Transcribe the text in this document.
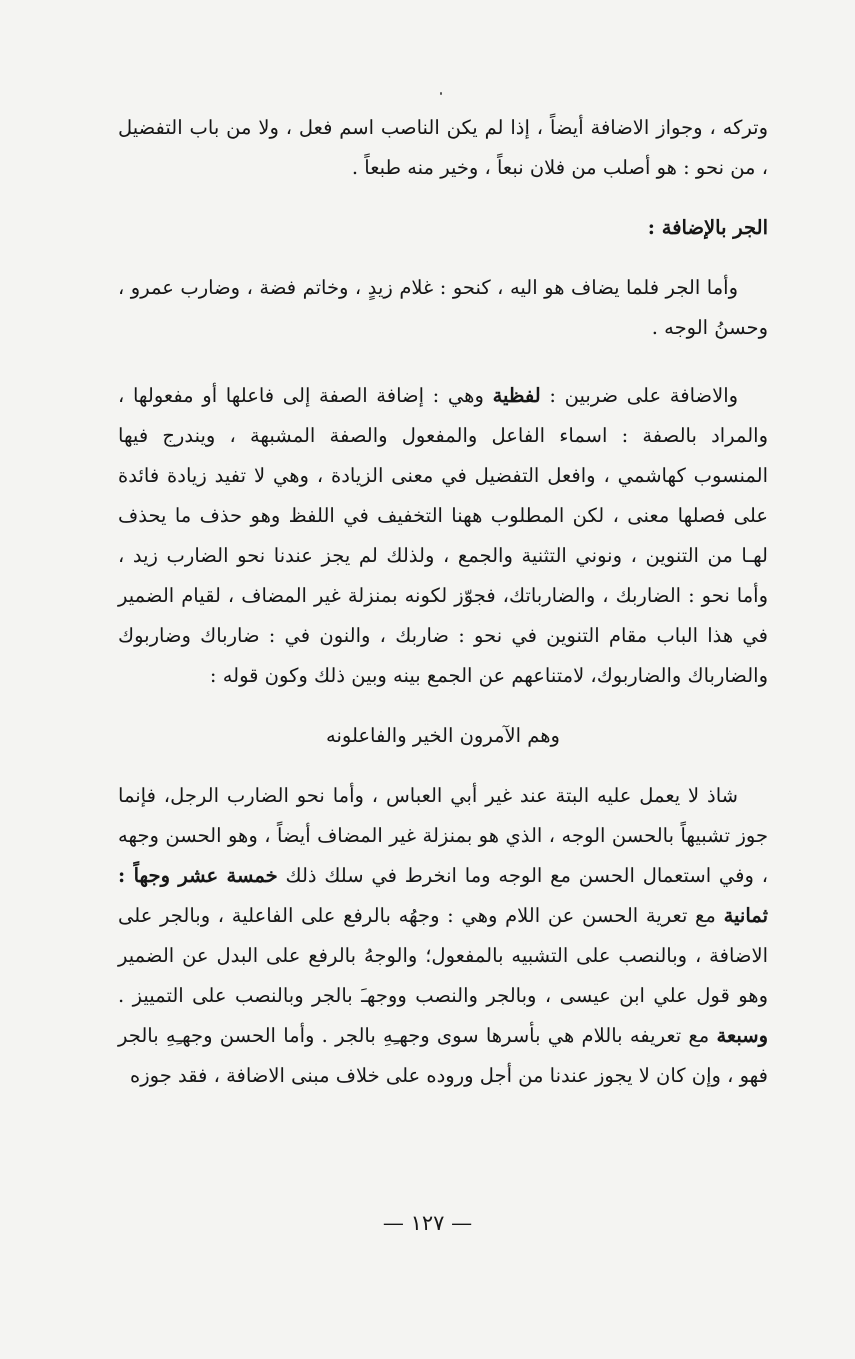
وتركه ، وجواز الاضافة أيضاً ، إذا لم يكن الناصب اسم فعل ، ولا من باب التفضيل ، من نحو : هو أصلب من فلان نبعاً ، وخير منه طبعاً .

الجر بالإضافة :

وأما الجر فلما يضاف هو اليه ، كنحو : غلام زيدٍ ، وخاتم فضة ، وضارب عمرو ، وحسنُ الوجه .

والاضافة على ضربين : لفظية وهي : إضافة الصفة إلى فاعلها أو مفعولها ، والمراد بالصفة : اسماء الفاعل والمفعول والصفة المشبهة ، ويندرج فيها المنسوب كهاشمي ، وافعل التفضيل في معنى الزيادة ، وهي لا تفيد زيادة فائدة على فصلها معنى ، لكن المطلوب ههنا التخفيف في اللفظ وهو حذف ما يحذف لهـا من التنوين ، ونوني التثنية والجمع ، ولذلك لم يجز عندنا نحو الضارب زيد ، وأما نحو : الضاربك ، والضارباتك، فجوّز لكونه بمنزلة غير المضاف ، لقيام الضمير في هذا الباب مقام التنوين في نحو : ضاربك ، والنون في : ضارباك وضاربوك والضارباك والضاربوك، لامتناعهم عن الجمع بينه وبين ذلك وكون قوله :

وهم الآمرون الخير والفاعلونه

شاذ لا يعمل عليه البتة عند غير أبي العباس ، وأما نحو الضارب الرجل، فإنما جوز تشبيهاً بالحسن الوجه ، الذي هو بمنزلة غير المضاف أيضاً ، وهو الحسن وجهه ، وفي استعمال الحسن مع الوجه وما انخرط في سلك ذلك خمسة عشر وجهاً : ثمانية مع تعرية الحسن عن اللام وهي : وجهُه بالرفع على الفاعلية ، وبالجر على الاضافة ، وبالنصب على التشبيه بالمفعول؛ والوجهُ بالرفع على البدل عن الضمير وهو قول علي ابن عيسى ، وبالجر والنصب ووجهـَ بالجر وبالنصب على التمييز . وسبعة مع تعريفه باللام هي بأسرها سوى وجهـِهِ بالجر . وأما الحسن وجهـِهِ بالجر فهو ، وإن كان لا يجوز عندنا من أجل وروده على خلاف مبنى الاضافة ، فقد جوزه

— ١٢٧ —
